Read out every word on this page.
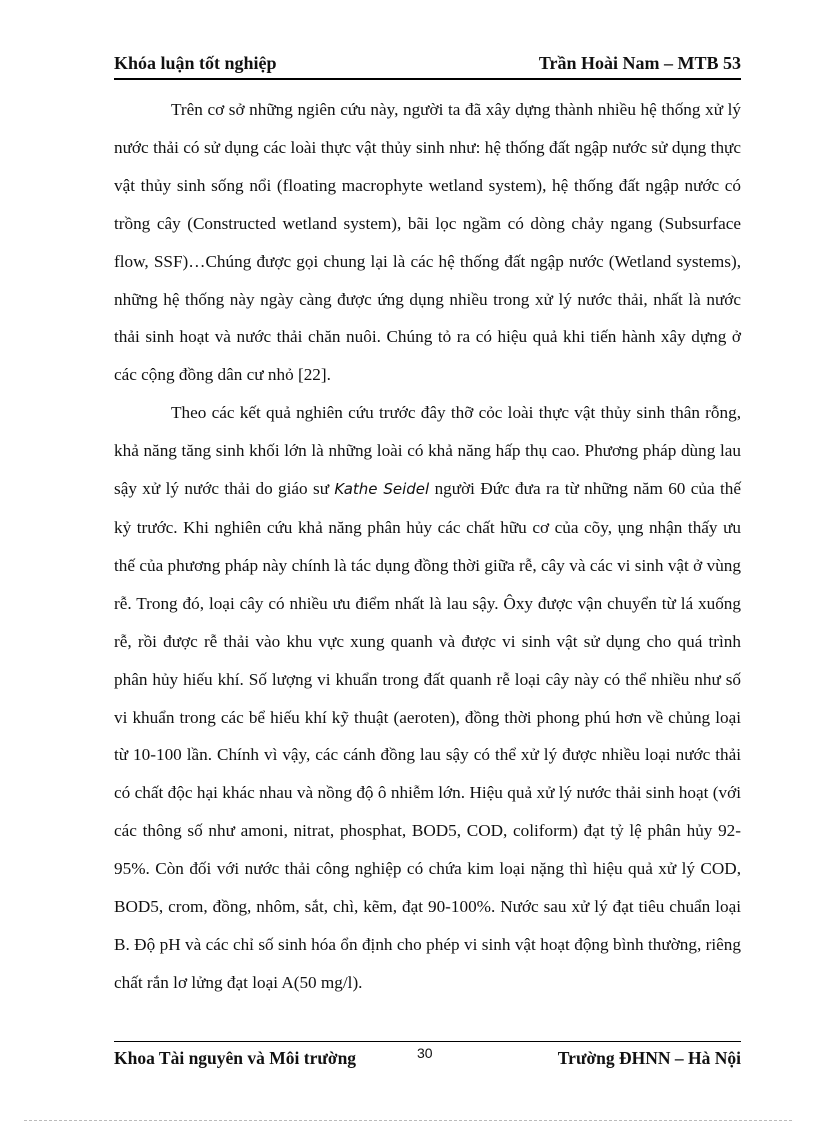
Khóa luận tốt nghiệp	Trần Hoài Nam – MTB 53

Trên cơ sở những ngiên cứu này, người ta đã xây dựng thành nhiều hệ thống xử lý nước thải có sử dụng các loài thực vật thủy sinh như: hệ thống đất ngập nước sử dụng thực vật thủy sinh sống nổi (floating macrophyte wetland system), hệ thống đất ngập nước có trồng cây (Constructed wetland system), bãi lọc ngầm có dòng chảy ngang (Subsurface flow, SSF)…Chúng được gọi chung lại là các hệ thống đất ngập nước (Wetland systems), những hệ thống này ngày càng được ứng dụng nhiều trong xử lý nước thải, nhất là nước thải sinh hoạt và nước thải chăn nuôi. Chúng tỏ ra có hiệu quả khi tiến hành xây dựng ở các cộng đồng dân cư nhỏ [22].

Theo các kết quả nghiên cứu trước đây thỡ cỏc loài thực vật thủy sinh thân rỗng, khả năng tăng sinh khối lớn là những loài có khả năng hấp thụ cao. Phương pháp dùng lau sậy xử lý nước thải do giáo sư Kathe Seidel người Đức đưa ra từ những năm 60 của thế kỷ trước. Khi nghiên cứu khả năng phân hủy các chất hữu cơ của cõy, ụng nhận thấy ưu thế của phương pháp này chính là tác dụng đồng thời giữa rễ, cây và các vi sinh vật ở vùng rễ. Trong đó, loại cây có nhiều ưu điểm nhất là lau sậy. Ôxy được vận chuyển từ lá xuống rễ, rồi được rễ thải vào khu vực xung quanh và được vi sinh vật sử dụng cho quá trình phân hủy hiếu khí. Số lượng vi khuẩn trong đất quanh rễ loại cây này có thể nhiều như số vi khuẩn trong các bể hiếu khí kỹ thuật (aeroten), đồng thời phong phú hơn về chủng loại từ 10-100 lần. Chính vì vậy, các cánh đồng lau sậy có thể xử lý được nhiều loại nước thải có chất độc hại khác nhau và nồng độ ô nhiễm lớn. Hiệu quả xử lý nước thải sinh hoạt (với các thông số như amoni, nitrat, phosphat, BOD5, COD, coliform) đạt tỷ lệ phân hủy 92-95%. Còn đối với nước thải công nghiệp có chứa kim loại nặng thì hiệu quả xử lý COD, BOD5, crom, đồng, nhôm, sắt, chì, kẽm, đạt 90-100%. Nước sau xử lý đạt tiêu chuẩn loại B. Độ pH và các chỉ số sinh hóa ổn định cho phép vi sinh vật hoạt động bình thường, riêng chất rắn lơ lửng đạt loại A(50 mg/l).

Khoa Tài nguyên và Môi trường	30	Trường ĐHNN – Hà Nội
